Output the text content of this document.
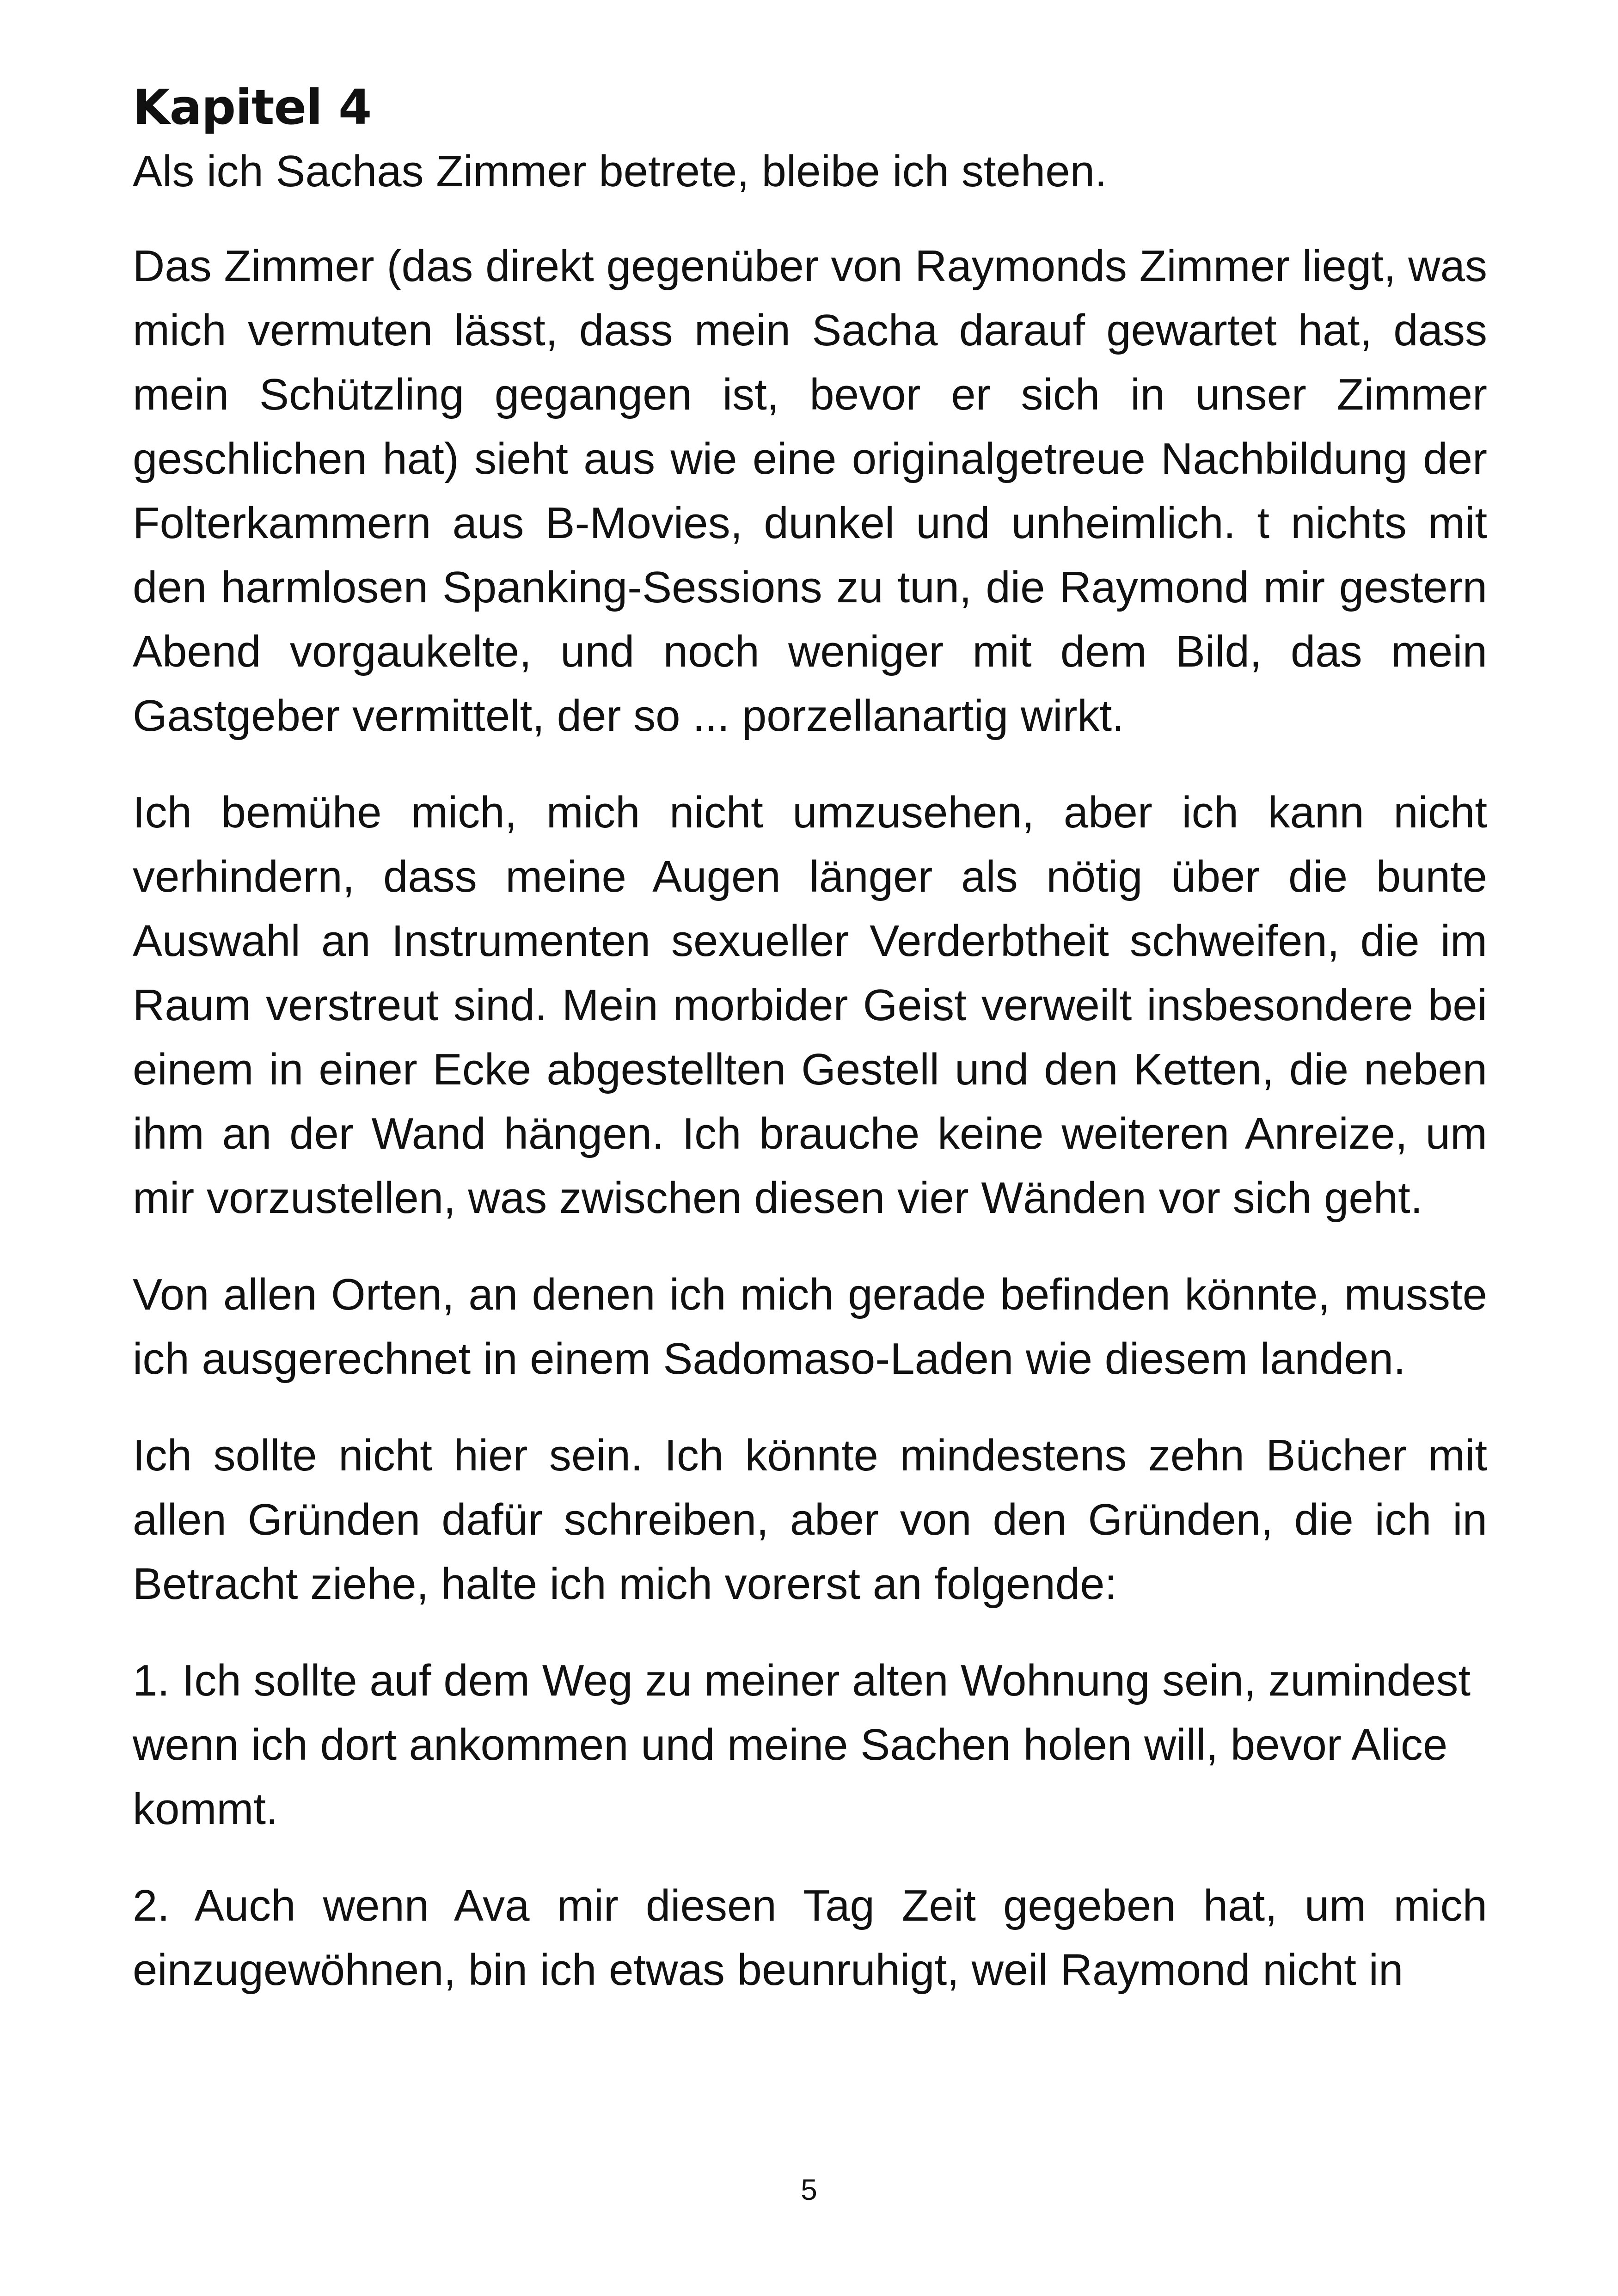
Kapitel 4

Als ich Sachas Zimmer betrete, bleibe ich stehen.

Das Zimmer (das direkt gegenüber von Raymonds Zimmer liegt, was mich vermuten lässt, dass mein Sacha darauf gewartet hat, dass mein Schützling gegangen ist, bevor er sich in unser Zimmer geschlichen hat) sieht aus wie eine originalgetreue Nachbildung der Folterkammern aus B-Movies, dunkel und unheimlich. t nichts mit den harmlosen Spanking-Sessions zu tun, die Raymond mir gestern Abend vorgaukelte, und noch weniger mit dem Bild, das mein Gastgeber vermittelt, der so ... porzellanartig wirkt.

Ich bemühe mich, mich nicht umzusehen, aber ich kann nicht verhindern, dass meine Augen länger als nötig über die bunte Auswahl an Instrumenten sexueller Verderbtheit schweifen, die im Raum verstreut sind. Mein morbider Geist verweilt insbesondere bei einem in einer Ecke abgestellten Gestell und den Ketten, die neben ihm an der Wand hängen. Ich brauche keine weiteren Anreize, um mir vorzustellen, was zwischen diesen vier Wänden vor sich geht.

Von allen Orten, an denen ich mich gerade befinden könnte, musste ich ausgerechnet in einem Sadomaso-Laden wie diesem landen.

Ich sollte nicht hier sein. Ich könnte mindestens zehn Bücher mit allen Gründen dafür schreiben, aber von den Gründen, die ich in Betracht ziehe, halte ich mich vorerst an folgende:

1. Ich sollte auf dem Weg zu meiner alten Wohnung sein, zumindest wenn ich dort ankommen und meine Sachen holen will, bevor Alice kommt.

2. Auch wenn Ava mir diesen Tag Zeit gegeben hat, um mich einzugewöhnen, bin ich etwas beunruhigt, weil Raymond nicht in

5
